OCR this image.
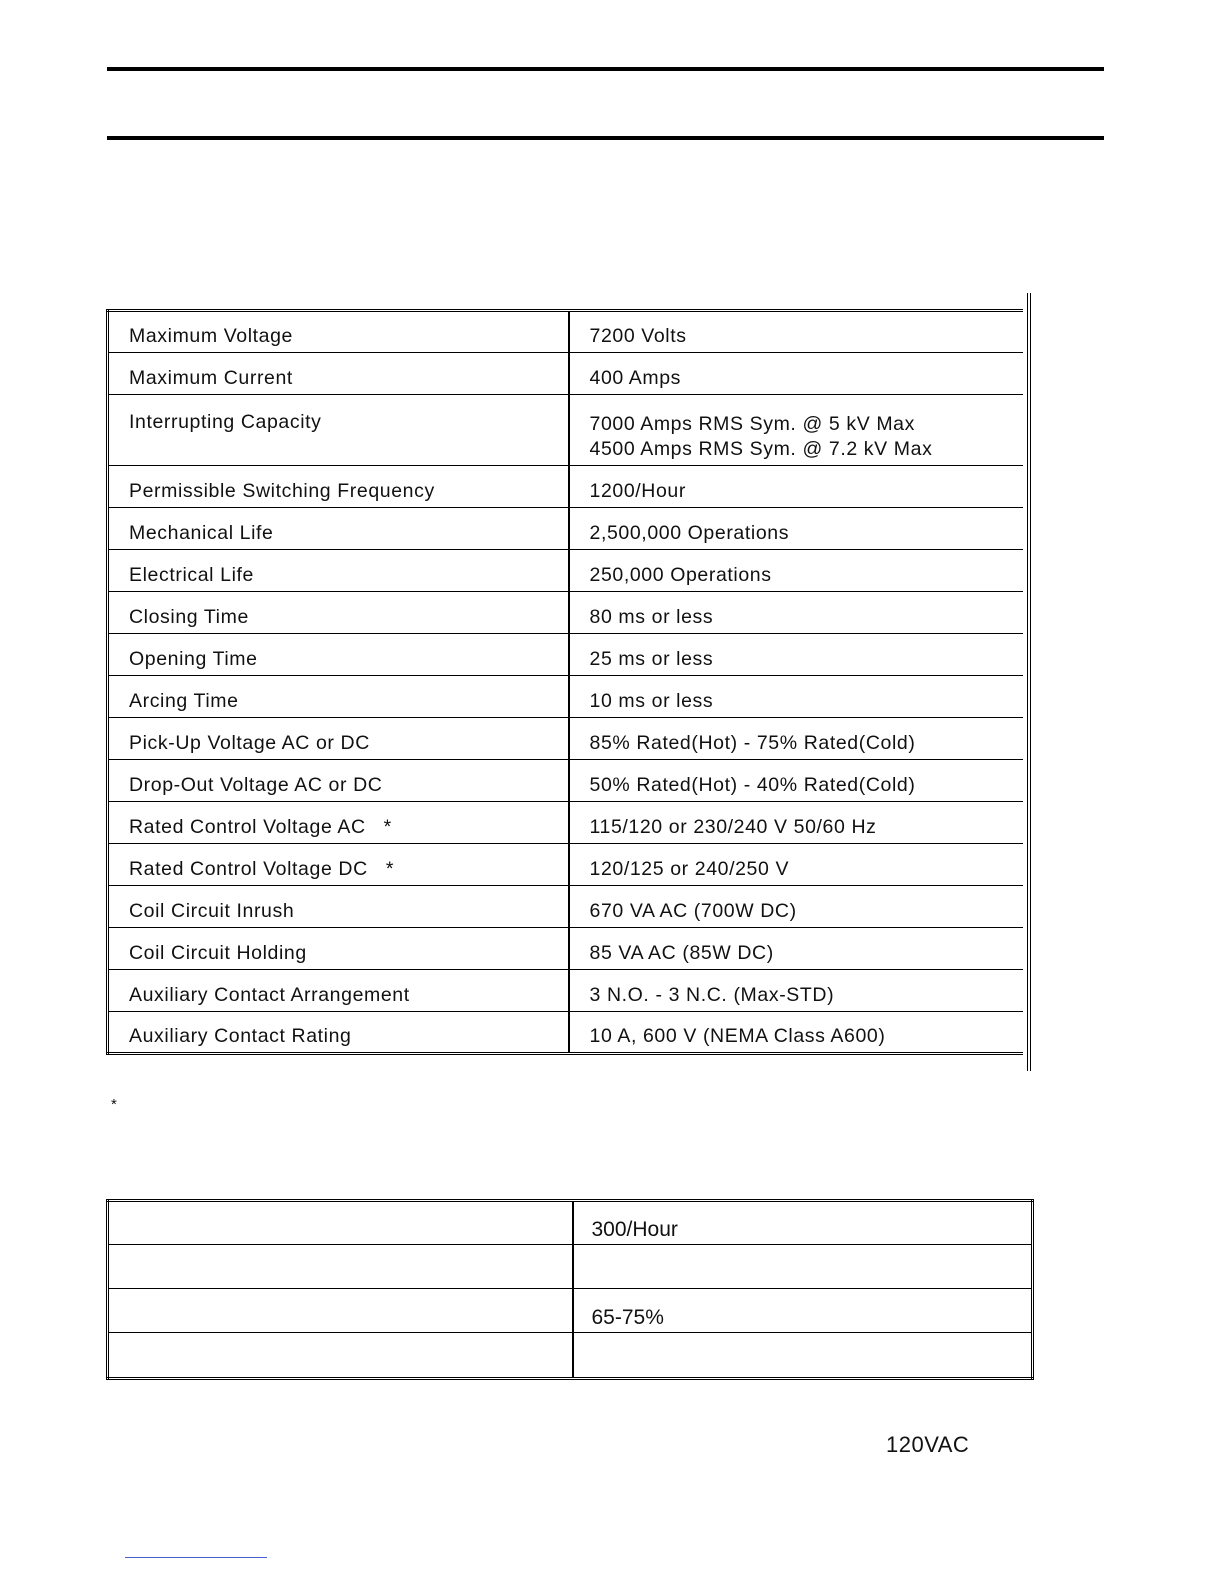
Maximum Voltage	7200 Volts
Maximum Current	400 Amps
Interrupting Capacity	7000 Amps RMS Sym. @ 5 kV Max
4500 Amps RMS Sym. @ 7.2 kV Max

Permissible Switching Frequency	1200/Hour
Mechanical Life	2,500,000 Operations
Electrical Life	250,000 Operations
Closing Time	80 ms or less
Opening Time	25 ms or less
Arcing Time	10 ms or less
Pick-Up Voltage AC or DC	85% Rated(Hot) - 75% Rated(Cold)
Drop-Out Voltage AC or DC	50% Rated(Hot) - 40% Rated(Cold)
Rated Control Voltage AC   *	115/120 or 230/240 V 50/60 Hz
Rated Control Voltage DC   *	120/125 or 240/250 V
Coil Circuit Inrush	670 VA AC (700W DC)
Coil Circuit Holding	85 VA AC (85W DC)
Auxiliary Contact Arrangement	3 N.O. - 3 N.C. (Max-STD)
Auxiliary Contact Rating	10 A, 600 V (NEMA Class A600)
*
	300/Hour

	65-75%

120VAC
